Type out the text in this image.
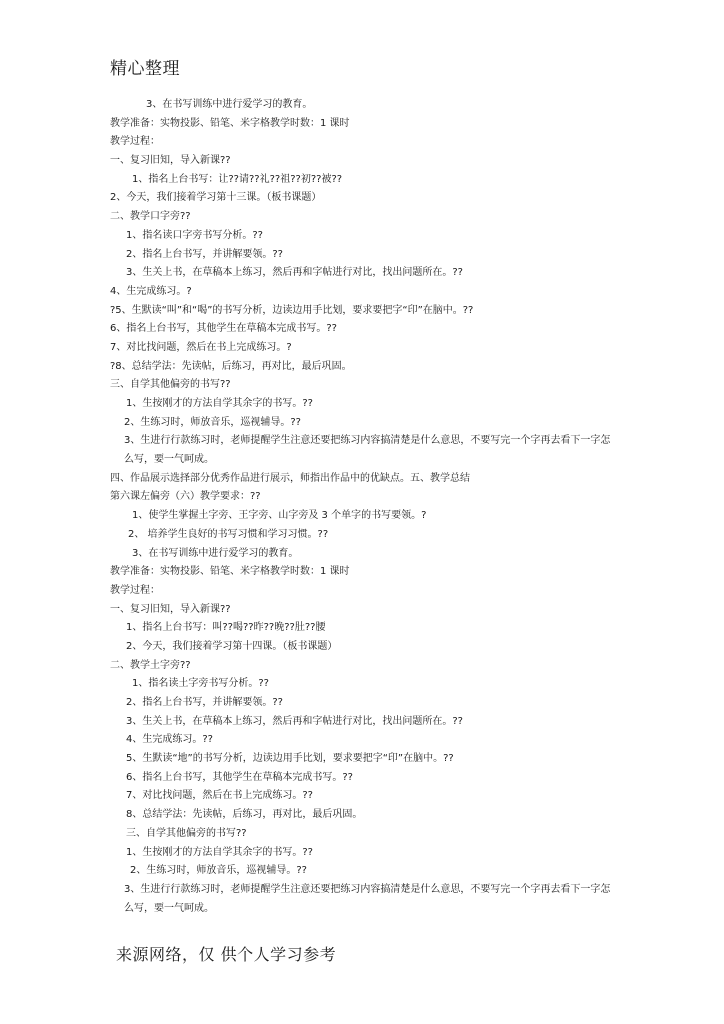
精心整理
3、在书写训练中进行爱学习的教育。
教学准备：实物投影、铅笔、米字格教学时数：1 课时
教学过程：
一、复习旧知，导入新课??
1、指名上台书写：让??请??礼??祖??初??被??
2、今天，我们接着学习第十三课。（板书课题）
二、教学口字旁??
1、指名读口字旁书写分析。??
2、指名上台书写，并讲解要领。??
3、生关上书，在草稿本上练习，然后再和字帖进行对比，找出问题所在。??
4、生完成练习。?
?5、生默读“叫”和“喝”的书写分析，边读边用手比划，要求要把字“印”在脑中。??
6、指名上台书写，其他学生在草稿本完成书写。??
7、对比找问题，然后在书上完成练习。?
?8、总结学法：先读帖，后练习，再对比，最后巩固。
三、自学其他偏旁的书写??
1、生按刚才的方法自学其余字的书写。??
2、生练习时，师放音乐，巡视辅导。??
3、生进行行款练习时，老师提醒学生注意还要把练习内容搞清楚是什么意思，不要写完一个字再去看下一字怎么写，要一气呵成。
四、作品展示选择部分优秀作品进行展示，师指出作品中的优缺点。五、教学总结
第六课左偏旁（六）教学要求：??
1、使学生掌握土字旁、王字旁、山字旁及 3 个单字的书写要领。?
2、 培养学生良好的书写习惯和学习习惯。??
3、在书写训练中进行爱学习的教育。
教学准备：实物投影、铅笔、米字格教学时数：1 课时
教学过程：
一、复习旧知，导入新课??
1、指名上台书写：叫??喝??昨??晚??肚??腰
2、今天，我们接着学习第十四课。（板书课题）
二、教学土字旁??
1、指名读土字旁书写分析。??
2、指名上台书写，并讲解要领。??
3、生关上书，在草稿本上练习，然后再和字帖进行对比，找出问题所在。??
4、生完成练习。??
5、生默读“地”的书写分析，边读边用手比划，要求要把字“印”在脑中。??
6、指名上台书写，其他学生在草稿本完成书写。??
7、对比找问题，然后在书上完成练习。??
8、总结学法：先读帖，后练习，再对比，最后巩固。
三、自学其他偏旁的书写??
1、生按刚才的方法自学其余字的书写。??
2、生练习时，师放音乐，巡视辅导。??
3、生进行行款练习时，老师提醒学生注意还要把练习内容搞清楚是什么意思，不要写完一个字再去看下一字怎么写，要一气呵成。
来源网络，仅 供个人学习参考
